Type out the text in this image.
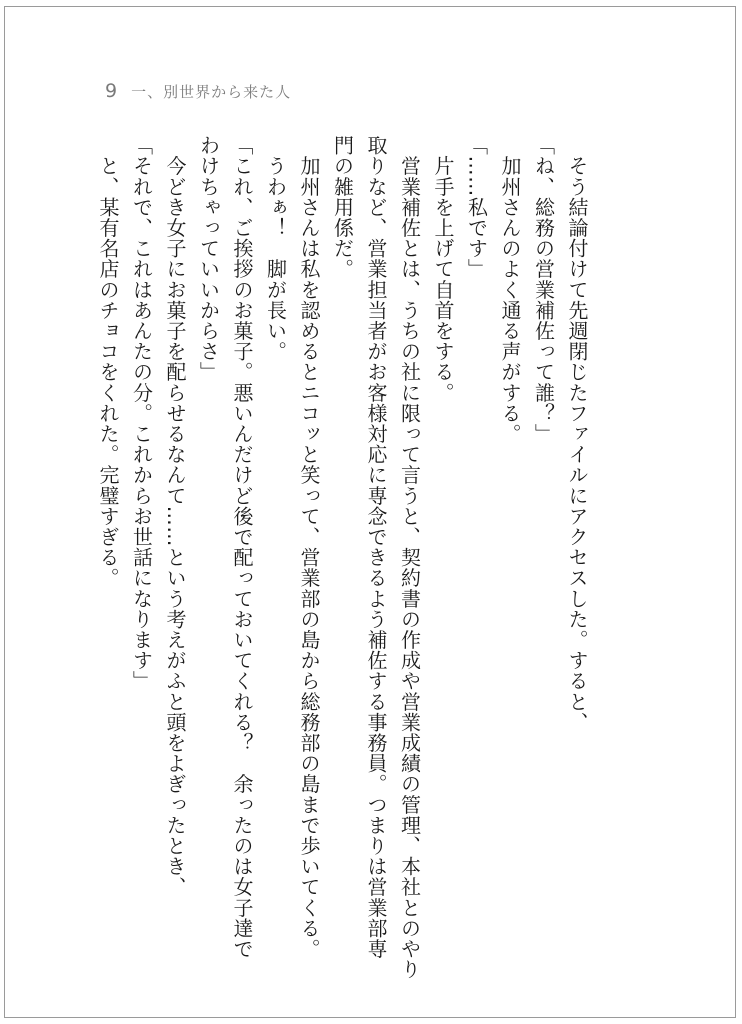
9 一、別世界から来た人

　そう結論付けて先週閉じたファイルにアクセスした。すると、

「ね、総務の営業補佐って誰？」

　加州さんのよく通る声がする。

「……私です」

　片手を上げて自首をする。

　営業補佐とは、うちの社に限って言うと、契約書の作成や営業成績の管理、本社とのやり

取りなど、営業担当者がお客様対応に専念できるよう補佐する事務員。つまりは営業部専

門の雑用係だ。

　加州さんは私を認めるとニコッと笑って、営業部の島から総務部の島まで歩いてくる。

　うわぁ！　脚が長い。

「これ、ご挨拶のお菓子。悪いんだけど後で配っておいてくれる？　余ったのは女子達で

わけちゃっていいからさ」

　今どき女子にお菓子を配らせるなんて……という考えがふと頭をよぎったとき、

「それで、これはあんたの分。これからお世話になります」

　と、某有名店のチョコをくれた。完璧すぎる。
